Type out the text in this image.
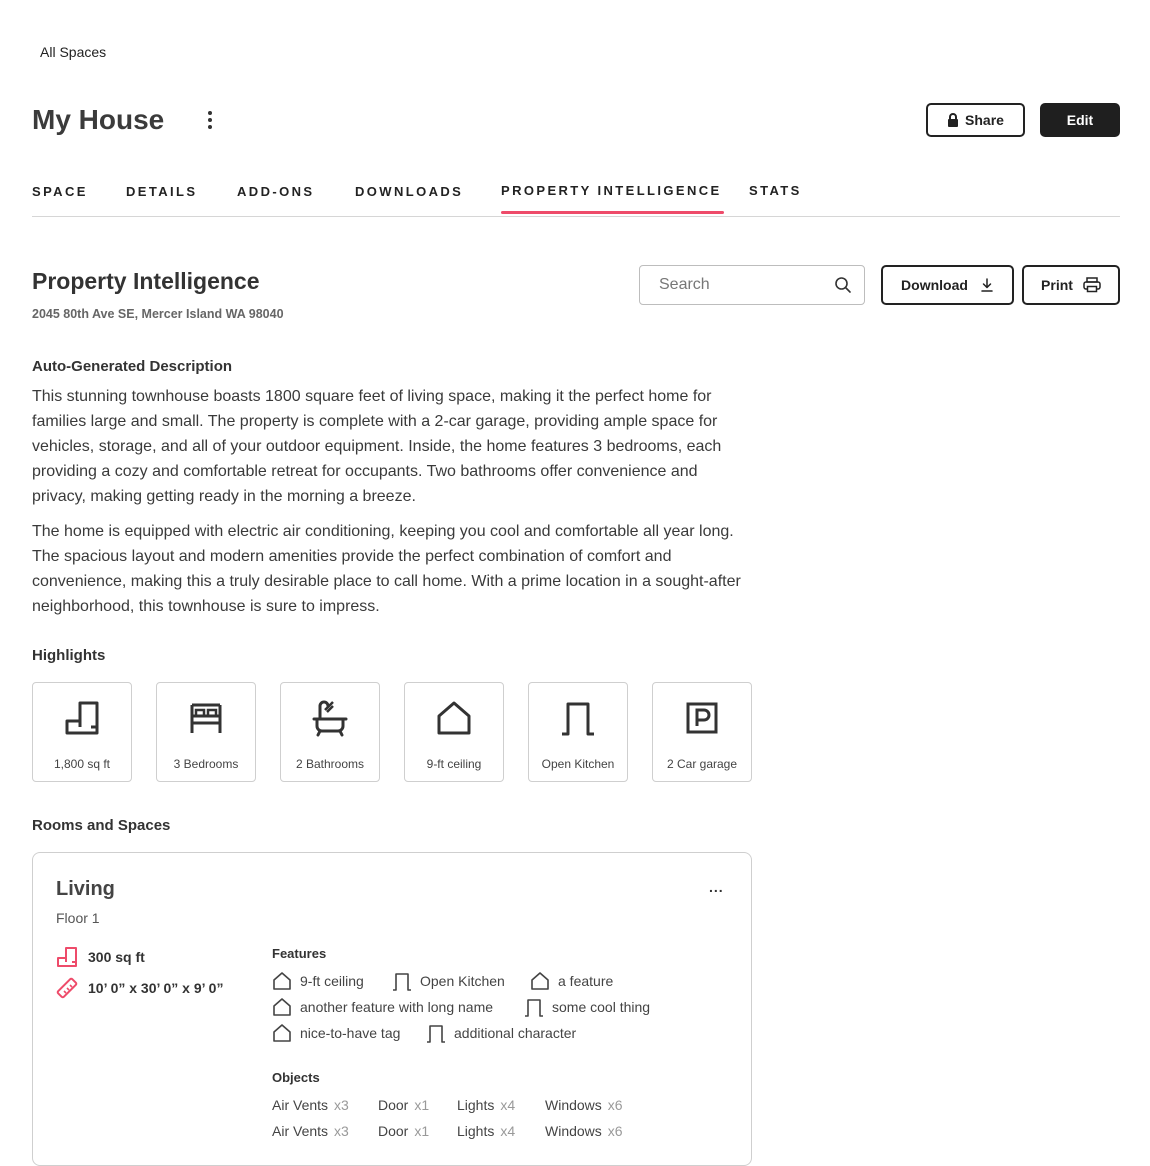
All Spaces
My House	Share	Edit
SPACE	DETAILS	ADD-ONS	DOWNLOADS	PROPERTY INTELLIGENCE STATS
Property Intelligence
2045 80th Ave SE, Mercer Island WA 98040
Search
Download	Print
Auto-Generated Description

This stunning townhouse boasts 1800 square feet of living space, making it the perfect home for families large and small. The property is complete with a 2-car garage, providing ample space for vehicles, storage, and all of your outdoor equipment. Inside, the home features 3 bedrooms, each providing a cozy and comfortable retreat for occupants. Two bathrooms offer convenience and privacy, making getting ready in the morning a breeze.

The home is equipped with electric air conditioning, keeping you cool and comfortable all year long. The spacious layout and modern amenities provide the perfect combination of comfort and convenience, making this a truly desirable place to call home. With a prime location in a sought-after neighborhood, this townhouse is sure to impress.

Highlights
1,800 sq ft	3 Bedrooms	2 Bathrooms	9-ft ceiling	Open Kitchen	2 Car garage
Rooms and Spaces
Living
Floor 1
...
300 sq ft
10’ 0” x 30’ 0” x 9’ 0”
Features
9-ft ceiling	Open Kitchen	a feature
another feature with long name	some cool thing
nice-to-have tag	additional character
Objects
Air Vents x3 Door x1 Lights x4 Windows x6
Air Vents x3 Door x1 Lights x4 Windows x6
